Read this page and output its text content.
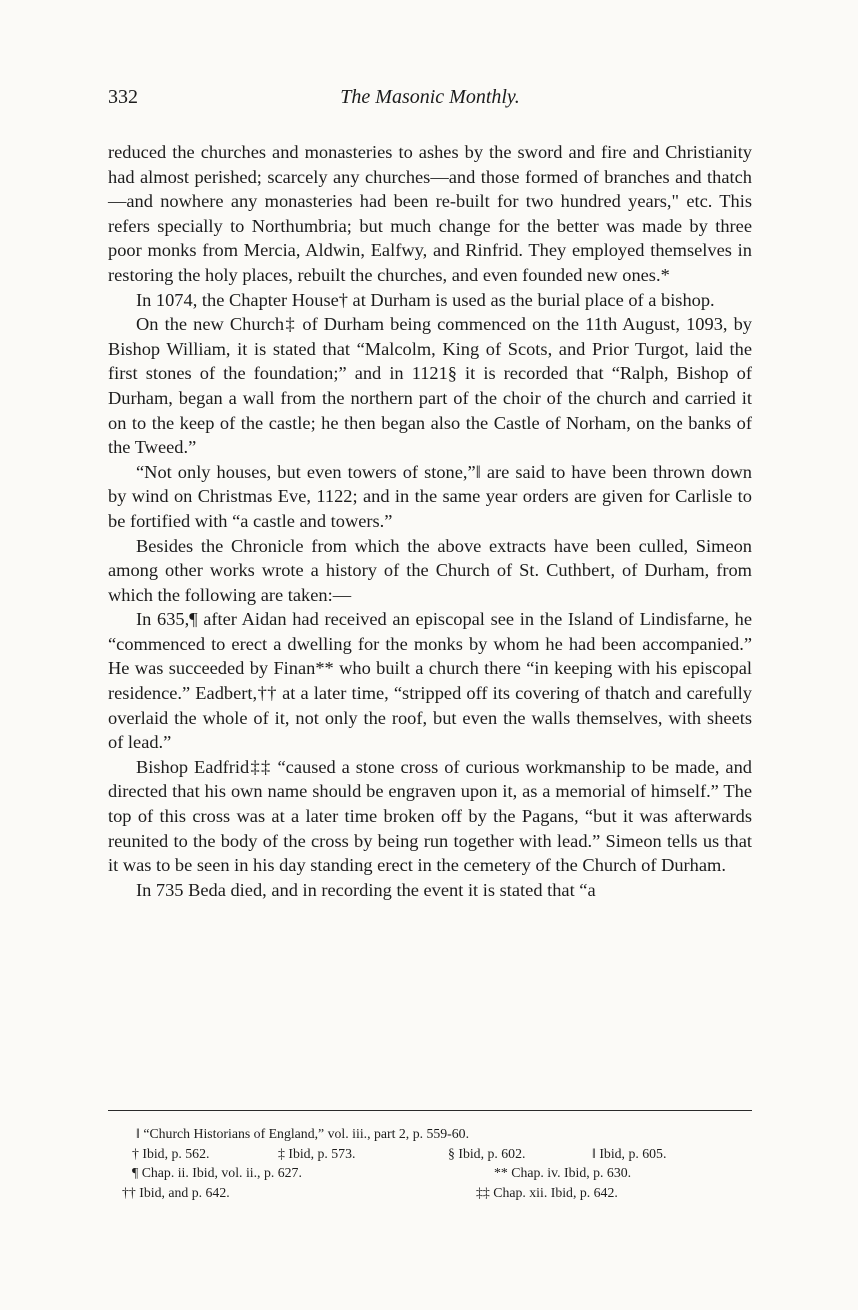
332	The Masonic Monthly.

reduced the churches and monasteries to ashes by the sword and fire and Christianity had almost perished; scarcely any churches—and those formed of branches and thatch—and nowhere any monasteries had been re-built for two hundred years," etc. This refers specially to Northumbria; but much change for the better was made by three poor monks from Mercia, Aldwin, Ealfwy, and Rinfrid. They employed themselves in restoring the holy places, rebuilt the churches, and even founded new ones.*

In 1074, the Chapter House† at Durham is used as the burial place of a bishop.

On the new Church‡ of Durham being commenced on the 11th August, 1093, by Bishop William, it is stated that “Malcolm, King of Scots, and Prior Turgot, laid the first stones of the foundation;” and in 1121§ it is recorded that “Ralph, Bishop of Durham, began a wall from the northern part of the choir of the church and carried it on to the keep of the castle; he then began also the Castle of Norham, on the banks of the Tweed.”

“Not only houses, but even towers of stone,”‖ are said to have been thrown down by wind on Christmas Eve, 1122; and in the same year orders are given for Carlisle to be fortified with “a castle and towers.”

Besides the Chronicle from which the above extracts have been culled, Simeon among other works wrote a history of the Church of St. Cuthbert, of Durham, from which the following are taken:—

In 635,¶ after Aidan had received an episcopal see in the Island of Lindisfarne, he “commenced to erect a dwelling for the monks by whom he had been accompanied.” He was succeeded by Finan** who built a church there “in keeping with his episcopal residence.” Eadbert,†† at a later time, “stripped off its covering of thatch and carefully overlaid the whole of it, not only the roof, but even the walls themselves, with sheets of lead.”

Bishop Eadfrid‡‡ “caused a stone cross of curious workmanship to be made, and directed that his own name should be engraven upon it, as a memorial of himself.” The top of this cross was at a later time broken off by the Pagans, “but it was afterwards reunited to the body of the cross by being run together with lead.” Simeon tells us that it was to be seen in his day standing erect in the cemetery of the Church of Durham.

In 735 Beda died, and in recording the event it is stated that “a

‖ “Church Historians of England,” vol. iii., part 2, p. 559-60.
† Ibid, p. 562.	‡ Ibid, p. 573.	§ Ibid, p. 602.	‖ Ibid, p. 605.
¶ Chap. ii. Ibid, vol. ii., p. 627.	** Chap. iv. Ibid, p. 630.
†† Ibid, and p. 642.	‡‡ Chap. xii. Ibid, p. 642.
